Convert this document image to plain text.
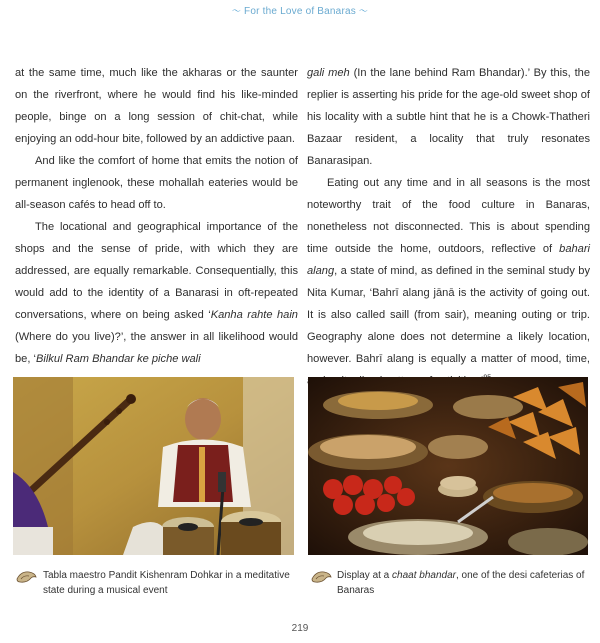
〜 For the Love of Banaras 〜

at the same time, much like the akharas or the saunter on the riverfront, where he would find his like-minded people, binge on a long session of chit-chat, while enjoying an odd-hour bite, followed by an addictive paan.

And like the comfort of home that emits the notion of permanent inglenook, these mohallah eateries would be all-season cafés to head off to.

The locational and geographical importance of the shops and the sense of pride, with which they are addressed, are equally remarkable. Consequentially, this would add to the identity of a Banarasi in oft-repeated conversations, where on being asked ‘Kanha rahte hain (Where do you live)?’, the answer in all likelihood would be, ‘Bilkul Ram Bhandar ke piche wali

gali meh (In the lane behind Ram Bhandar).’ By this, the replier is asserting his pride for the age-old sweet shop of his locality with a subtle hint that he is a Chowk-Thatheri Bazaar resident, a locality that truly resonates Banarasipan.

Eating out any time and in all seasons is the most noteworthy trait of the food culture in Banaras, nonetheless not disconnected. This is about spending time outside the home, outdoors, reflective of bahari alang, a state of mind, as defined in the seminal study by Nita Kumar, ‘Bahrī alang jānā is the activity of going out. It is also called saill (from sair), meaning outing or trip. Geography alone does not determine a likely location, however. Bahrī alang is equally a matter of mood, time,

Tabla maestro Pandit Kishenram Dohkar in a meditative state during a musical event
Display at a chaat bhandar, one of the desi cafeterias of Banaras
219
